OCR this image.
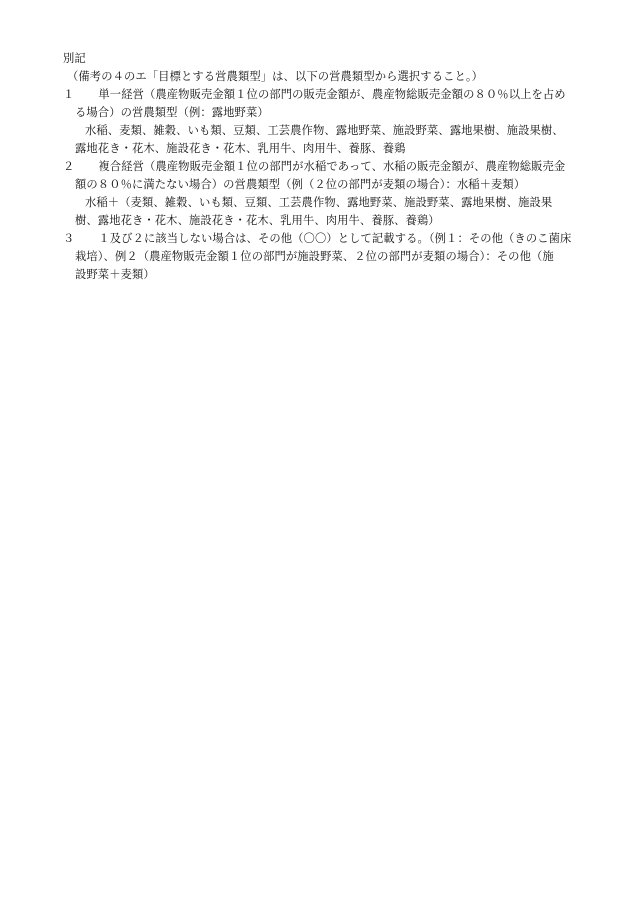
別記
（備考の４のエ「目標とする営農類型」は、以下の営農類型から選択すること。）
１	　単一経営（農産物販売金額１位の部門の販売金額が、農産物総販売金額の８０％以上を占め
る場合）の営農類型（例：露地野菜）
水稲、麦類、雑穀、いも類、豆類、工芸農作物、露地野菜、施設野菜、露地果樹、施設果樹、
露地花き・花木、施設花き・花木、乳用牛、肉用牛、養豚、養鶏
２	　複合経営（農産物販売金額１位の部門が水稲であって、水稲の販売金額が、農産物総販売金
額の８０％に満たない場合）の営農類型（例（２位の部門が麦類の場合）：水稲＋麦類）
水稲＋（麦類、雑穀、いも類、豆類、工芸農作物、露地野菜、施設野菜、露地果樹、施設果
樹、露地花き・花木、施設花き・花木、乳用牛、肉用牛、養豚、養鶏）
３	　１及び２に該当しない場合は、その他（〇〇）として記載する。（例１：その他（きのこ菌床
栽培）、例２（農産物販売金額１位の部門が施設野菜、２位の部門が麦類の場合）：その他（施
設野菜＋麦類）
